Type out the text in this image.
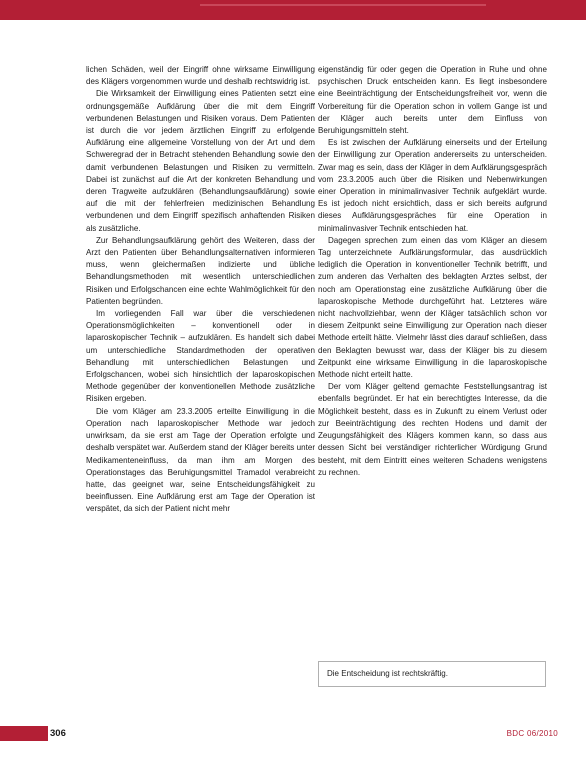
lichen Schäden, weil der Eingriff ohne wirksame Einwilligung des Klägers vorgenommen wurde und deshalb rechtswidrig ist.

Die Wirksamkeit der Einwilligung eines Patienten setzt eine ordnungsgemäße Aufklärung über die mit dem Eingriff verbundenen Belastungen und Risiken voraus. Dem Patienten ist durch die vor jedem ärztlichen Eingriff zu erfolgende Aufklärung eine allgemeine Vorstellung von der Art und dem Schweregrad der in Betracht stehenden Behandlung sowie den damit verbundenen Belastungen und Risiken zu vermitteln. Dabei ist zunächst auf die Art der konkreten Behandlung und deren Tragweite aufzuklären (Behandlungsaufklärung) sowie auf die mit der fehlerfreien medizinischen Behandlung verbundenen und dem Eingriff spezifisch anhaftenden Risiken als zusätzliche.

Zur Behandlungsaufklärung gehört des Weiteren, dass der Arzt den Patienten über Behandlungsalternativen informieren muss, wenn gleichermaßen indizierte und übliche Behandlungsmethoden mit wesentlich unterschiedlichen Risiken und Erfolgschancen eine echte Wahlmöglichkeit für den Patienten begründen.

Im vorliegenden Fall war über die verschiedenen Operationsmöglichkeiten – konventionell oder in laparoskopischer Technik – aufzuklären. Es handelt sich dabei um unterschiedliche Standardmethoden der operativen Behandlung mit unterschiedlichen Belastungen und Erfolgschancen, wobei sich hinsichtlich der laparoskopischen Methode gegenüber der konventionellen Methode zusätzliche Risiken ergeben.

Die vom Kläger am 23.3.2005 erteilte Einwilligung in die Operation nach laparoskopischer Methode war jedoch unwirksam, da sie erst am Tage der Operation erfolgte und deshalb verspätet war. Außerdem stand der Kläger bereits unter Medikamenteneinfluss, da man ihm am Morgen des Operationstages das Beruhigungsmittel Tramadol verabreicht hatte, das geeignet war, seine Entscheidungsfähigkeit zu beeinflussen. Eine Aufklärung erst am Tage der Operation ist verspätet, da sich der Patient nicht mehr

eigenständig für oder gegen die Operation in Ruhe und ohne psychischen Druck entscheiden kann. Es liegt insbesondere eine Beeinträchtigung der Entscheidungsfreiheit vor, wenn die Vorbereitung für die Operation schon in vollem Gange ist und der Kläger auch bereits unter dem Einfluss von Beruhigungsmitteln steht.

Es ist zwischen der Aufklärung einerseits und der Erteilung der Einwilligung zur Operation andererseits zu unterscheiden. Zwar mag es sein, dass der Kläger in dem Aufklärungsgespräch vom 23.3.2005 auch über die Risiken und Nebenwirkungen einer Operation in minimalinvasiver Technik aufgeklärt wurde. Es ist jedoch nicht ersichtlich, dass er sich bereits aufgrund dieses Aufklärungsgespräches für eine Operation in minimalinvasiver Technik entschieden hat.

Dagegen sprechen zum einen das vom Kläger an diesem Tag unterzeichnete Aufklärungsformular, das ausdrücklich lediglich die Operation in konventioneller Technik betrifft, und zum anderen das Verhalten des beklagten Arztes selbst, der noch am Operationstag eine zusätzliche Aufklärung über die laparoskopische Methode durchgeführt hat. Letzteres wäre nicht nachvollziehbar, wenn der Kläger tatsächlich schon vor diesem Zeitpunkt seine Einwilligung zur Operation nach dieser Methode erteilt hätte. Vielmehr lässt dies darauf schließen, dass den Beklagten bewusst war, dass der Kläger bis zu diesem Zeitpunkt eine wirksame Einwilligung in die laparoskopische Methode nicht erteilt hatte.

Der vom Kläger geltend gemachte Feststellungsantrag ist ebenfalls begründet. Er hat ein berechtigtes Interesse, da die Möglichkeit besteht, dass es in Zukunft zu einem Verlust oder zur Beeinträchtigung des rechten Hodens und damit der Zeugungsfähigkeit des Klägers kommen kann, so dass aus dessen Sicht bei verständiger richterlicher Würdigung Grund besteht, mit dem Eintritt eines weiteren Schadens wenigstens zu rechnen.

Die Entscheidung ist rechtskräftig.
306	BDC 06/2010
